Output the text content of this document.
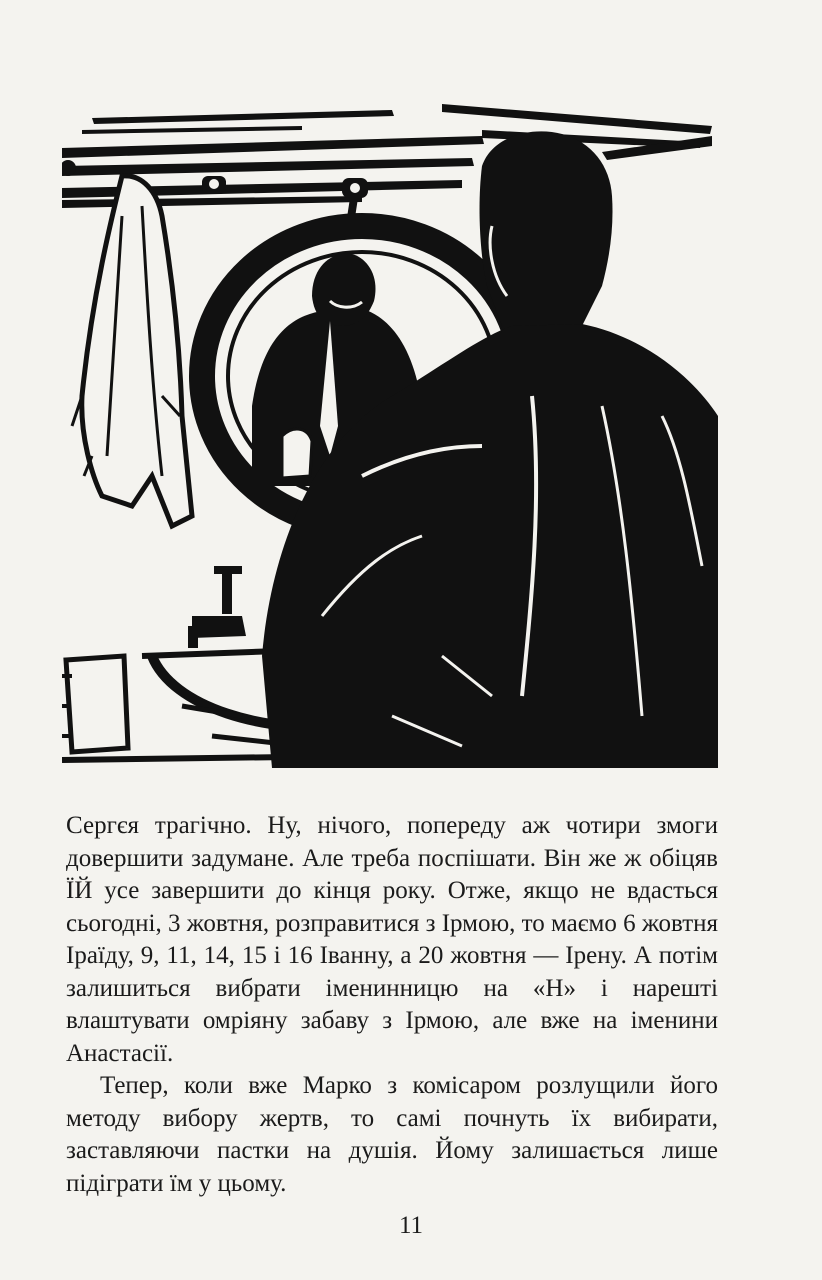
Сергєя трагічно. Ну, нічого, попереду аж чотири змоги довершити задумане. Але треба поспішати. Він же ж обіцяв ЇЙ усе завершити до кінця року. Отже, якщо не вдасться сьогодні, 3 жовтня, розправитися з Ірмою, то маємо 6 жовтня Іраїду, 9, 11, 14, 15 і 16 Іванну, а 20 жовтня — Ірену. А потім залишиться вибрати іменинницю на «Н» і нарешті влаштувати омріяну забаву з Ірмою, але вже на іменини Анастасії.

Тепер, коли вже Марко з комісаром розлущили його методу вибору жертв, то самі почнуть їх вибирати, заставляючи пастки на душія. Йому залишається лише підіграти їм у цьому.

11
